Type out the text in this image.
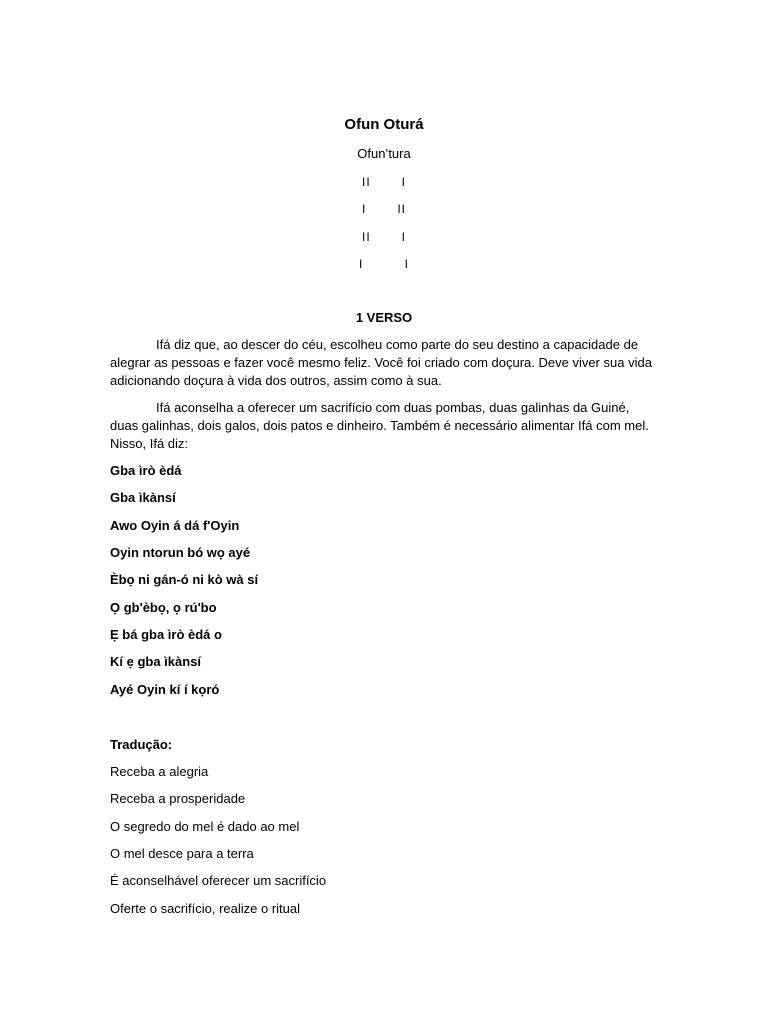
Ofun Oturá
Ofun’tura
II   I
I   II
II   I
I    I
1 VERSO
Ifá diz que, ao descer do céu, escolheu como parte do seu destino a capacidade de alegrar as pessoas e fazer você mesmo feliz. Você foi criado com doçura. Deve viver sua vida adicionando doçura à vida dos outros, assim como à sua.
Ifá aconselha a oferecer um sacrifício com duas pombas, duas galinhas da Guiné, duas galinhas, dois galos, dois patos e dinheiro. Também é necessário alimentar Ifá com mel. Nisso, Ifá diz:
Gba ìrò èdá
Gba ìkànsí
Awo Oyin á dá f'Oyin
Oyin ntorun bó wọ ayé
Èbọ ni gán-ó ni kò wà sí
Ọ gb'èbọ, ọ rú'bo
Ẹ bá gba ìrò èdá o
Kí ẹ gba ìkànsí
Ayé Oyin kí í kọró
Tradução:
Receba a alegria
Receba a prosperidade
O segredo do mel é dado ao mel
O mel desce para a terra
É aconselhável oferecer um sacrifício
Oferte o sacrifício, realize o ritual
